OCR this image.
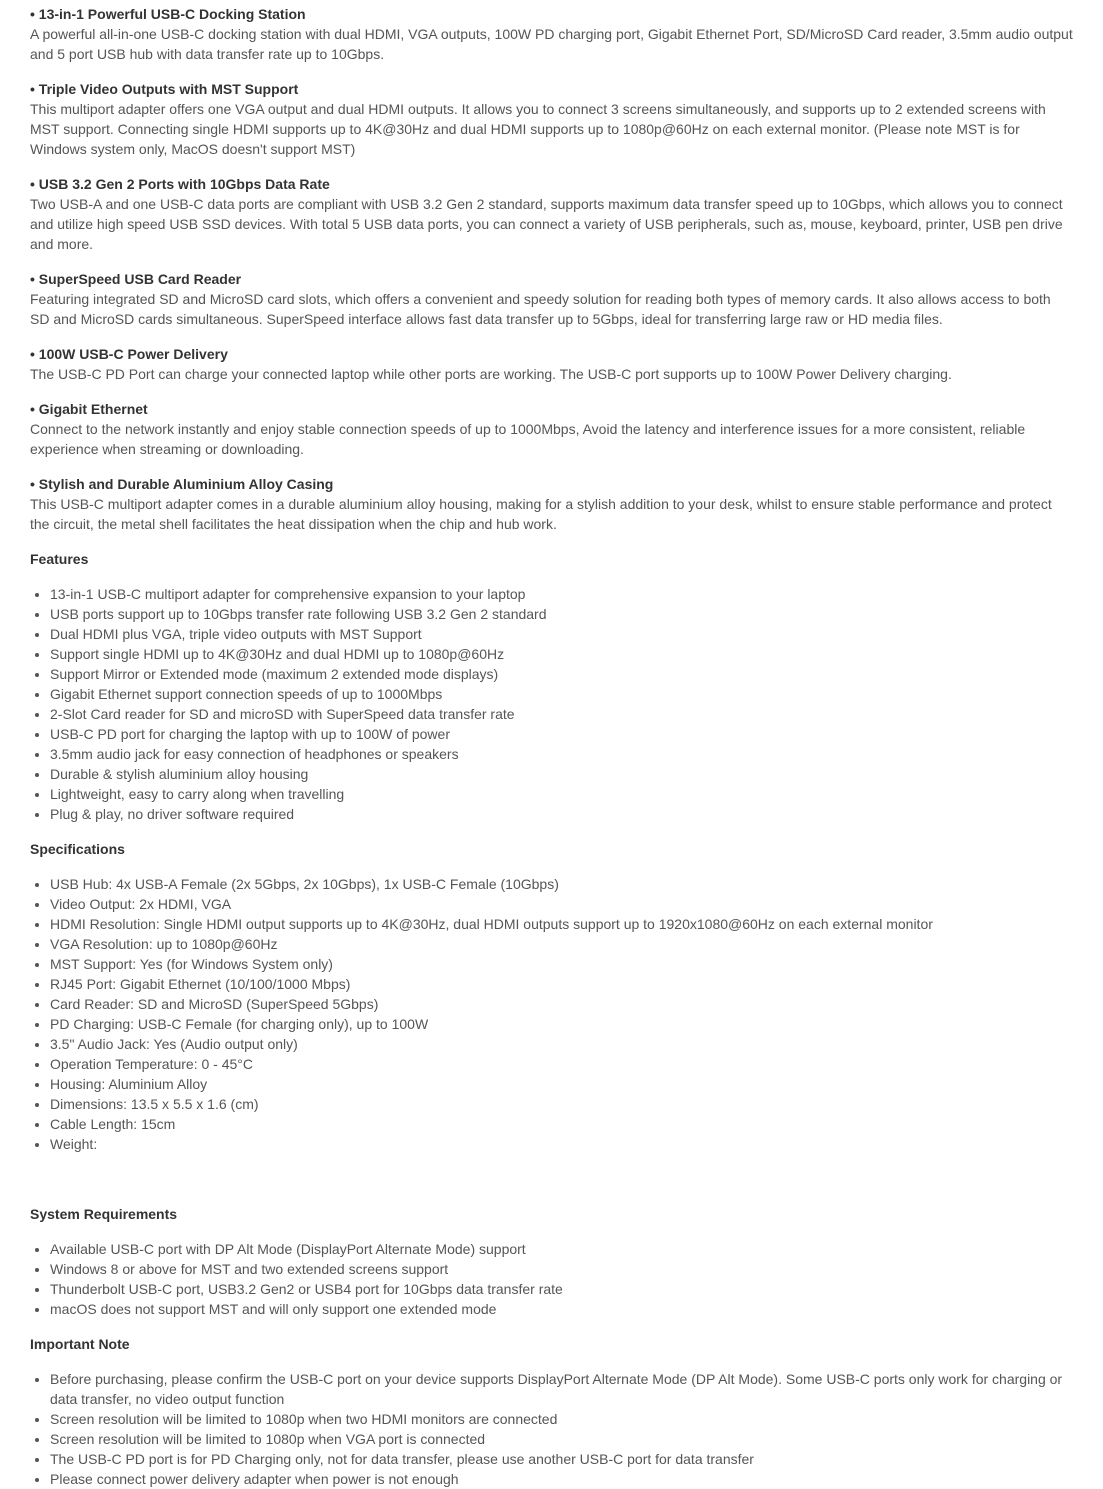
• 13-in-1 Powerful USB-C Docking Station

A powerful all-in-one USB-C docking station with dual HDMI, VGA outputs, 100W PD charging port, Gigabit Ethernet Port, SD/MicroSD Card reader, 3.5mm audio output and 5 port USB hub with data transfer rate up to 10Gbps.

• Triple Video Outputs with MST Support

This multiport adapter offers one VGA output and dual HDMI outputs. It allows you to connect 3 screens simultaneously, and supports up to 2 extended screens with MST support. Connecting single HDMI supports up to 4K@30Hz and dual HDMI supports up to 1080p@60Hz on each external monitor. (Please note MST is for Windows system only, MacOS doesn't support MST)

• USB 3.2 Gen 2 Ports with 10Gbps Data Rate

Two USB-A and one USB-C data ports are compliant with USB 3.2 Gen 2 standard, supports maximum data transfer speed up to 10Gbps, which allows you to connect and utilize high speed USB SSD devices. With total 5 USB data ports, you can connect a variety of USB peripherals, such as, mouse, keyboard, printer, USB pen drive and more.

• SuperSpeed USB Card Reader

Featuring integrated SD and MicroSD card slots, which offers a convenient and speedy solution for reading both types of memory cards. It also allows access to both SD and MicroSD cards simultaneous. SuperSpeed interface allows fast data transfer up to 5Gbps, ideal for transferring large raw or HD media files.

• 100W USB-C Power Delivery

The USB-C PD Port can charge your connected laptop while other ports are working. The USB-C port supports up to 100W Power Delivery charging.

• Gigabit Ethernet

Connect to the network instantly and enjoy stable connection speeds of up to 1000Mbps, Avoid the latency and interference issues for a more consistent, reliable experience when streaming or downloading.

• Stylish and Durable Aluminium Alloy Casing

This USB-C multiport adapter comes in a durable aluminium alloy housing, making for a stylish addition to your desk, whilst to ensure stable performance and protect the circuit, the metal shell facilitates the heat dissipation when the chip and hub work.

Features

• 13-in-1 USB-C multiport adapter for comprehensive expansion to your laptop
• USB ports support up to 10Gbps transfer rate following USB 3.2 Gen 2 standard
• Dual HDMI plus VGA, triple video outputs with MST Support
• Support single HDMI up to 4K@30Hz and dual HDMI up to 1080p@60Hz
• Support Mirror or Extended mode (maximum 2 extended mode displays)
• Gigabit Ethernet support connection speeds of up to 1000Mbps
• 2-Slot Card reader for SD and microSD with SuperSpeed data transfer rate
• USB-C PD port for charging the laptop with up to 100W of power
• 3.5mm audio jack for easy connection of headphones or speakers
• Durable & stylish aluminium alloy housing
• Lightweight, easy to carry along when travelling
• Plug & play, no driver software required

Specifications

• USB Hub: 4x USB-A Female (2x 5Gbps, 2x 10Gbps), 1x USB-C Female (10Gbps)
• Video Output: 2x HDMI, VGA
• HDMI Resolution: Single HDMI output supports up to 4K@30Hz, dual HDMI outputs support up to 1920x1080@60Hz on each external monitor
• VGA Resolution: up to 1080p@60Hz
• MST Support: Yes (for Windows System only)
• RJ45 Port: Gigabit Ethernet (10/100/1000 Mbps)
• Card Reader: SD and MicroSD (SuperSpeed 5Gbps)
• PD Charging: USB-C Female (for charging only), up to 100W
• 3.5" Audio Jack: Yes (Audio output only)
• Operation Temperature: 0 - 45°C
• Housing: Aluminium Alloy
• Dimensions: 13.5 x 5.5 x 1.6 (cm)
• Cable Length: 15cm
• Weight:

System Requirements

• Available USB-C port with DP Alt Mode (DisplayPort Alternate Mode) support
• Windows 8 or above for MST and two extended screens support
• Thunderbolt USB-C port, USB3.2 Gen2 or USB4 port for 10Gbps data transfer rate
• macOS does not support MST and will only support one extended mode

Important Note

• Before purchasing, please confirm the USB-C port on your device supports DisplayPort Alternate Mode (DP Alt Mode). Some USB-C ports only work for charging or data transfer, no video output function
• Screen resolution will be limited to 1080p when two HDMI monitors are connected
• Screen resolution will be limited to 1080p when VGA port is connected
• The USB-C PD port is for PD Charging only, not for data transfer, please use another USB-C port for data transfer
• Please connect power delivery adapter when power is not enough
